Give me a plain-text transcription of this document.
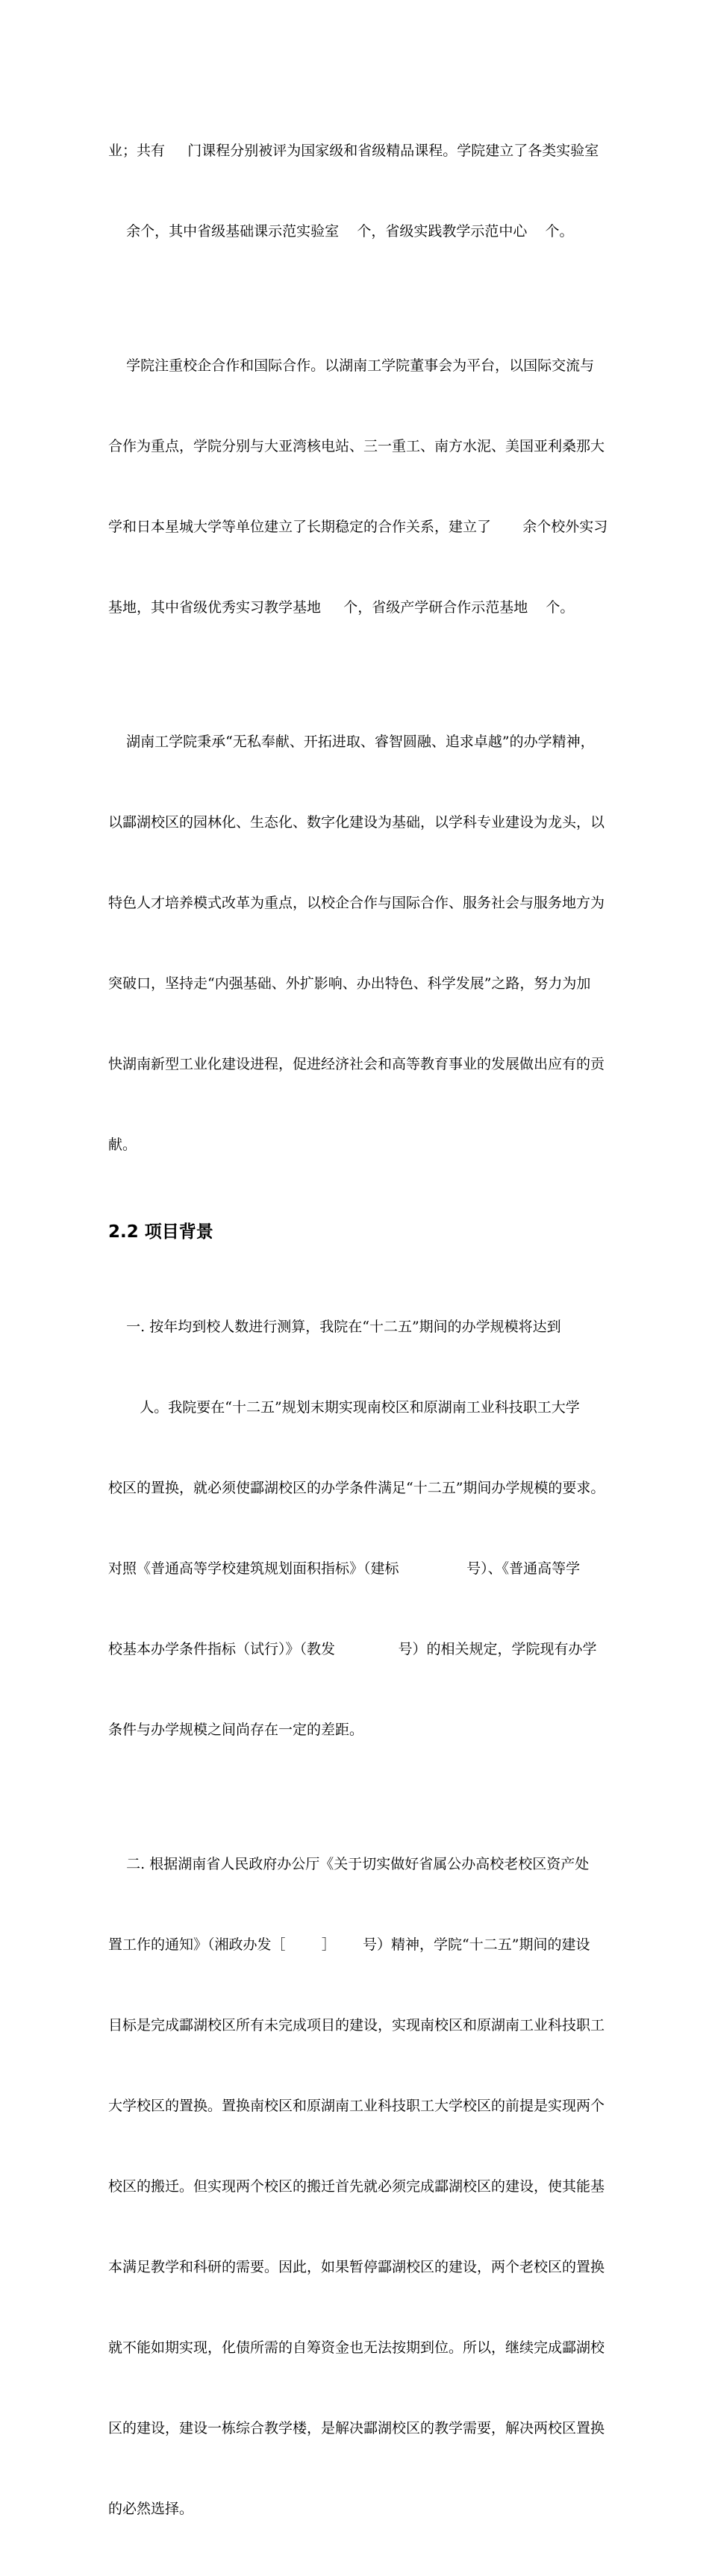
业；共有     门课程分别被评为国家级和省级精品课程。学院建立了各类实验室

余个，其中省级基础课示范实验室    个，省级实践教学示范中心    个。

学院注重校企合作和国际合作。以湖南工学院董事会为平台，以国际交流与

合作为重点，学院分别与大亚湾核电站、三一重工、南方水泥、美国亚利桑那大

学和日本星城大学等单位建立了长期稳定的合作关系，建立了       余个校外实习

基地，其中省级优秀实习教学基地     个，省级产学研合作示范基地    个。

湖南工学院秉承“无私奉献、开拓进取、睿智圆融、追求卓越”的办学精神，

以酃湖校区的园林化、生态化、数字化建设为基础，以学科专业建设为龙头，以

特色人才培养模式改革为重点，以校企合作与国际合作、服务社会与服务地方为

突破口，坚持走“内强基础、外扩影响、办出特色、科学发展”之路，努力为加

快湖南新型工业化建设进程，促进经济社会和高等教育事业的发展做出应有的贡

献。

2.2 项目背景

一. 按年均到校人数进行测算，我院在“十二五”期间的办学规模将达到

人。我院要在“十二五”规划末期实现南校区和原湖南工业科技职工大学

校区的置换，就必须使酃湖校区的办学条件满足“十二五”期间办学规模的要求。

对照《普通高等学校建筑规划面积指标》（建标               号）、《普通高等学

校基本办学条件指标（试行）》（教发              号）的相关规定，学院现有办学

条件与办学规模之间尚存在一定的差距。

二. 根据湖南省人民政府办公厅《关于切实做好省属公办高校老校区资产处

置工作的通知》（湘政办发［        ］      号）精神，学院“十二五”期间的建设

目标是完成酃湖校区所有未完成项目的建设，实现南校区和原湖南工业科技职工

大学校区的置换。置换南校区和原湖南工业科技职工大学校区的前提是实现两个

校区的搬迁。但实现两个校区的搬迁首先就必须完成酃湖校区的建设，使其能基

本满足教学和科研的需要。因此，如果暂停酃湖校区的建设，两个老校区的置换

就不能如期实现，化债所需的自筹资金也无法按期到位。所以，继续完成酃湖校

区的建设，建设一栋综合教学楼，是解决酃湖校区的教学需要，解决两校区置换

的必然选择。
